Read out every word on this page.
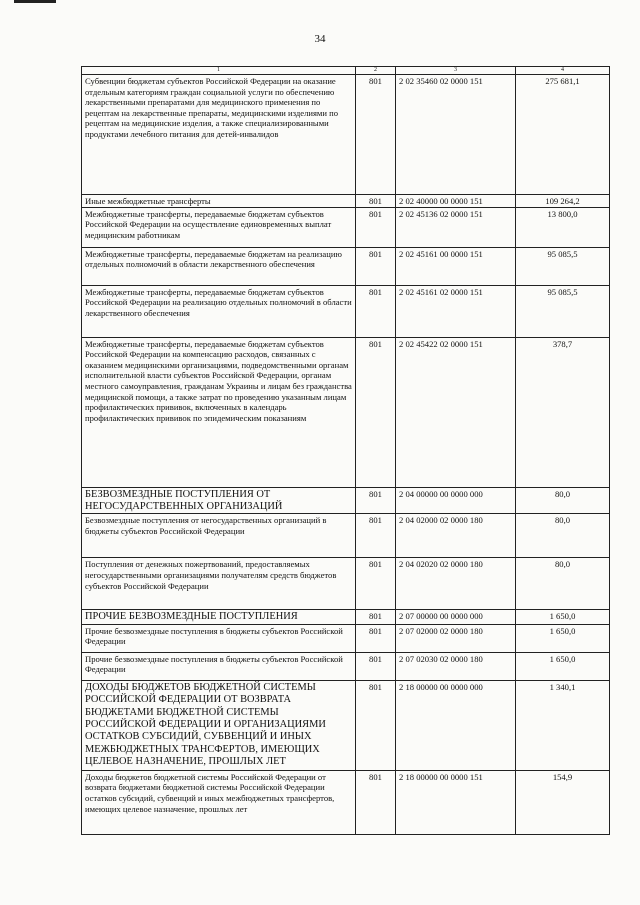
34
1	2	3	4
Субвенции бюджетам субъектов Российской Федерации на оказание отдельным категориям граждан социальной услуги по обеспечению лекарственными препаратами для медицинского применения по рецептам на лекарственные препараты, медицинскими изделиями по рецептам на медицинские изделия, а также специализированными продуктами лечебного питания для детей-инвалидов	801	2 02 35460 02 0000 151	275 681,1
Иные межбюджетные трансферты	801	2 02 40000 00 0000 151	109 264,2
Межбюджетные трансферты, передаваемые бюджетам субъектов Российской Федерации на осуществление единовременных выплат медицинским работникам	801	2 02 45136 02 0000 151	13 800,0
Межбюджетные трансферты, передаваемые бюджетам на реализацию отдельных полномочий в области лекарственного обеспечения	801	2 02 45161 00 0000 151	95 085,5
Межбюджетные трансферты, передаваемые бюджетам субъектов Российской Федерации на реализацию отдельных полномочий в области лекарственного обеспечения	801	2 02 45161 02 0000 151	95 085,5
Межбюджетные трансферты, передаваемые бюджетам субъектов Российской Федерации на компенсацию расходов, связанных с оказанием медицинскими организациями, подведомственными органам исполнительной власти субъектов Российской Федерации, органам местного самоуправления, гражданам Украины и лицам без гражданства медицинской помощи, а также затрат по проведению указанным лицам профилактических прививок, включенных в календарь профилактических прививок по эпидемическим показаниям	801	2 02 45422 02 0000 151	378,7
БЕЗВОЗМЕЗДНЫЕ ПОСТУПЛЕНИЯ ОТ НЕГОСУДАРСТВЕННЫХ ОРГАНИЗАЦИЙ	801	2 04 00000 00 0000 000	80,0
Безвозмездные поступления от негосударственных организаций в бюджеты субъектов Российской Федерации	801	2 04 02000 02 0000 180	80,0
Поступления от денежных пожертвований, предоставляемых негосударственными организациями получателям средств бюджетов субъектов Российской Федерации	801	2 04 02020 02 0000 180	80,0
ПРОЧИЕ БЕЗВОЗМЕЗДНЫЕ ПОСТУПЛЕНИЯ	801	2 07 00000 00 0000 000	1 650,0
Прочие безвозмездные поступления в бюджеты субъектов Российской Федерации	801	2 07 02000 02 0000 180	1 650,0
Прочие безвозмездные поступления в бюджеты субъектов Российской Федерации	801	2 07 02030 02 0000 180	1 650,0
ДОХОДЫ БЮДЖЕТОВ БЮДЖЕТНОЙ СИСТЕМЫ РОССИЙСКОЙ ФЕДЕРАЦИИ ОТ ВОЗВРАТА БЮДЖЕТАМИ БЮДЖЕТНОЙ СИСТЕМЫ РОССИЙСКОЙ ФЕДЕРАЦИИ И ОРГАНИЗАЦИЯМИ ОСТАТКОВ СУБСИДИЙ, СУБВЕНЦИЙ И ИНЫХ МЕЖБЮДЖЕТНЫХ ТРАНСФЕРТОВ, ИМЕЮЩИХ ЦЕЛЕВОЕ НАЗНАЧЕНИЕ, ПРОШЛЫХ ЛЕТ	801	2 18 00000 00 0000 000	1 340,1
Доходы бюджетов бюджетной системы Российской Федерации от возврата бюджетами бюджетной системы Российской Федерации остатков субсидий, субвенций и иных межбюджетных трансфертов, имеющих целевое назначение, прошлых лет	801	2 18 00000 00 0000 151	154,9
